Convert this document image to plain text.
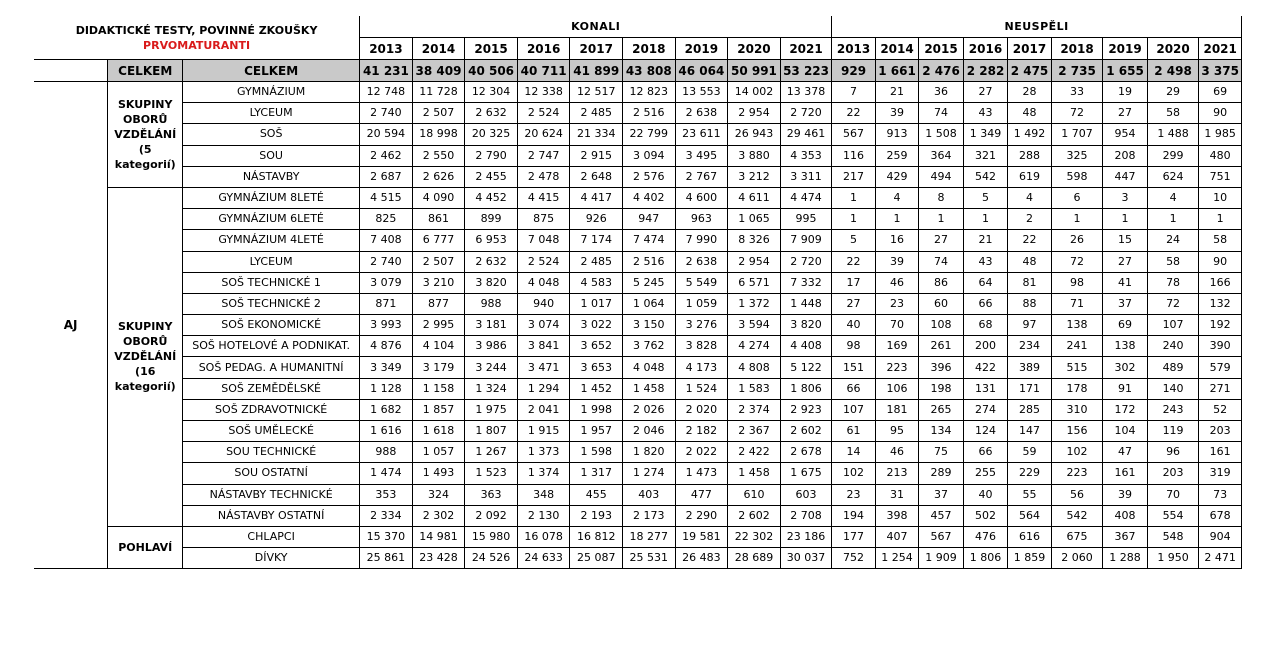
DIDAKTICKÉ TESTY, POVINNÉ ZKOUŠKY
PRVOMATURANTI			KONALI									NEUSPĚLI								
			2013	2014	2015	2016	2017	2018	2019	2020	2021	2013	2014	2015	2016	2017	2018	2019	2020	2021
	CELKEM	CELKEM	41 231	38 409	40 506	40 711	41 899	43 808	46 064	50 991	53 223	929	1 661	2 476	2 282	2 475	2 735	1 655	2 498	3 375
AJ	SKUPINY OBORŮ VZDĚLÁNÍ (5 kategorií)	GYMNÁZIUM	12 748	11 728	12 304	12 338	12 517	12 823	13 553	14 002	13 378	7	21	36	27	28	33	19	29	69
		LYCEUM	2 740	2 507	2 632	2 524	2 485	2 516	2 638	2 954	2 720	22	39	74	43	48	72	27	58	90
		SOŠ	20 594	18 998	20 325	20 624	21 334	22 799	23 611	26 943	29 461	567	913	1 508	1 349	1 492	1 707	954	1 488	1 985
		SOU	2 462	2 550	2 790	2 747	2 915	3 094	3 495	3 880	4 353	116	259	364	321	288	325	208	299	480
		NÁSTAVBY	2 687	2 626	2 455	2 478	2 648	2 576	2 767	3 212	3 311	217	429	494	542	619	598	447	624	751
	SKUPINY OBORŮ VZDĚLÁNÍ (16 kategorií)	GYMNÁZIUM 8LETÉ	4 515	4 090	4 452	4 415	4 417	4 402	4 600	4 611	4 474	1	4	8	5	4	6	3	4	10
		GYMNÁZIUM 6LETÉ	825	861	899	875	926	947	963	1 065	995	1	1	1	1	2	1	1	1	1
		GYMNÁZIUM 4LETÉ	7 408	6 777	6 953	7 048	7 174	7 474	7 990	8 326	7 909	5	16	27	21	22	26	15	24	58
		LYCEUM	2 740	2 507	2 632	2 524	2 485	2 516	2 638	2 954	2 720	22	39	74	43	48	72	27	58	90
		SOŠ TECHNICKÉ 1	3 079	3 210	3 820	4 048	4 583	5 245	5 549	6 571	7 332	17	46	86	64	81	98	41	78	166
		SOŠ TECHNICKÉ 2	871	877	988	940	1 017	1 064	1 059	1 372	1 448	27	23	60	66	88	71	37	72	132
		SOŠ EKONOMICKÉ	3 993	2 995	3 181	3 074	3 022	3 150	3 276	3 594	3 820	40	70	108	68	97	138	69	107	192
		SOŠ HOTELOVÉ A PODNIKAT.	4 876	4 104	3 986	3 841	3 652	3 762	3 828	4 274	4 408	98	169	261	200	234	241	138	240	390
		SOŠ PEDAG. A HUMANITNÍ	3 349	3 179	3 244	3 471	3 653	4 048	4 173	4 808	5 122	151	223	396	422	389	515	302	489	579
		SOŠ ZEMĚDĚLSKÉ	1 128	1 158	1 324	1 294	1 452	1 458	1 524	1 583	1 806	66	106	198	131	171	178	91	140	271
		SOŠ ZDRAVOTNICKÉ	1 682	1 857	1 975	2 041	1 998	2 026	2 020	2 374	2 923	107	181	265	274	285	310	172	243	52
		SOŠ UMĚLECKÉ	1 616	1 618	1 807	1 915	1 957	2 046	2 182	2 367	2 602	61	95	134	124	147	156	104	119	203
		SOU TECHNICKÉ	988	1 057	1 267	1 373	1 598	1 820	2 022	2 422	2 678	14	46	75	66	59	102	47	96	161
		SOU OSTATNÍ	1 474	1 493	1 523	1 374	1 317	1 274	1 473	1 458	1 675	102	213	289	255	229	223	161	203	319
		NÁSTAVBY TECHNICKÉ	353	324	363	348	455	403	477	610	603	23	31	37	40	55	56	39	70	73
		NÁSTAVBY OSTATNÍ	2 334	2 302	2 092	2 130	2 193	2 173	2 290	2 602	2 708	194	398	457	502	564	542	408	554	678
	POHLAVÍ	CHLAPCI	15 370	14 981	15 980	16 078	16 812	18 277	19 581	22 302	23 186	177	407	567	476	616	675	367	548	904
		DÍVKY	25 861	23 428	24 526	24 633	25 087	25 531	26 483	28 689	30 037	752	1 254	1 909	1 806	1 859	2 060	1 288	1 950	2 471
